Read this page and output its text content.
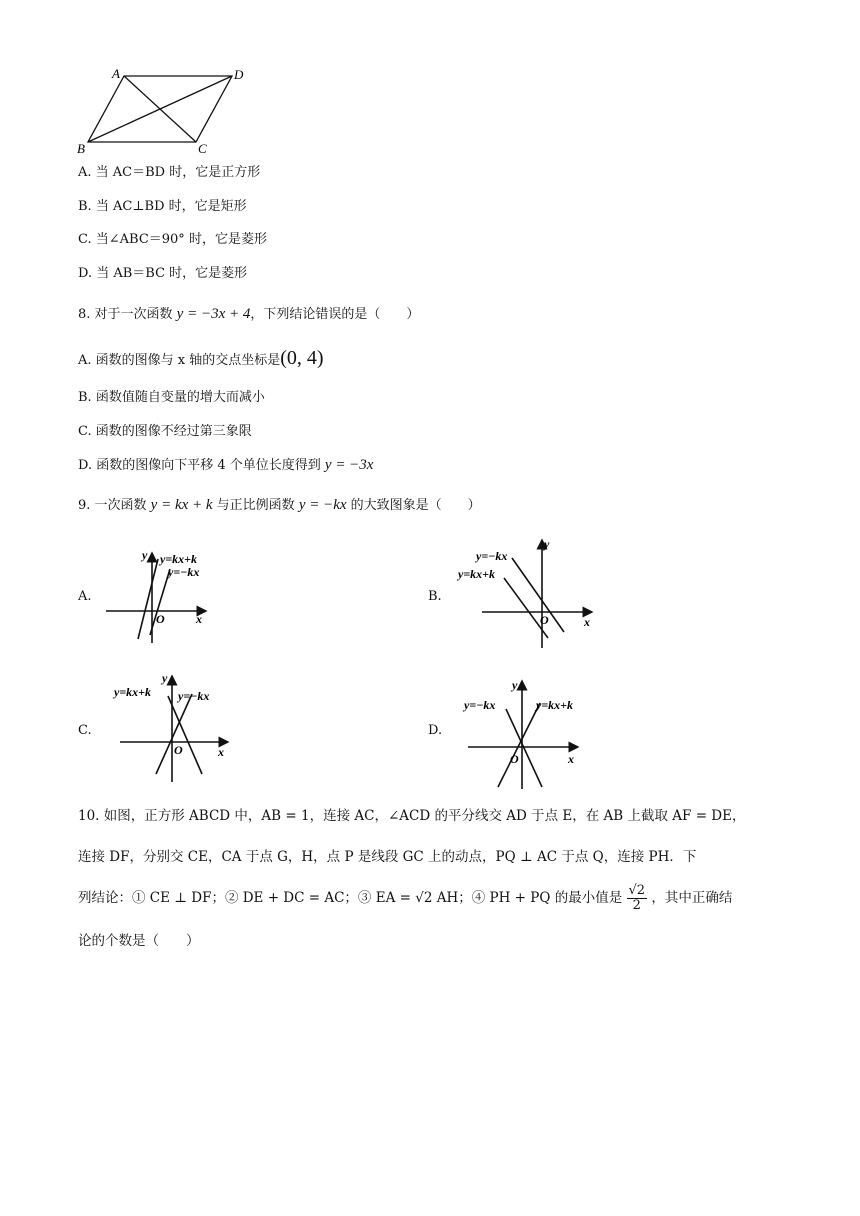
A	D
B	C
A. 当 AC＝BD 时，它是正方形
B. 当 AC⊥BD 时，它是矩形
C. 当∠ABC＝90° 时，它是菱形
D. 当 AB＝BC 时，它是菱形
8. 对于一次函数 y = −3x + 4，下列结论错误的是（　　）
A. 函数的图像与 x 轴的交点坐标是(0, 4)
B. 函数值随自变量的增大而减小
C. 函数的图像不经过第三象限
D. 函数的图像向下平移 4 个单位长度得到 y = −3x
9. 一次函数 y = kx + k 与正比例函数 y = −kx 的大致图象是（　　）
A.	B.
C.	D.
y y=kx+k
y=−kx
O	x
y
y=−kx
y=kx+k
O	x
y
y=kx+k y=−kx
O	x
y
y=−kx	y=kx+k
O	x
10. 如图，正方形 ABCD 中，AB = 1，连接 AC，∠ACD 的平分线交 AD 于点 E，在 AB 上截取 AF = DE，
连接 DF，分别交 CE，CA 于点 G，H，点 P 是线段 GC 上的动点，PQ ⊥ AC 于点 Q，连接 PH．下
列结论：① CE ⊥ DF；② DE + DC = AC；③ EA = √2 AH；④ PH + PQ 的最小值是 $\frac{√2}{2}$ ，其中正确结
论的个数是（　　）
